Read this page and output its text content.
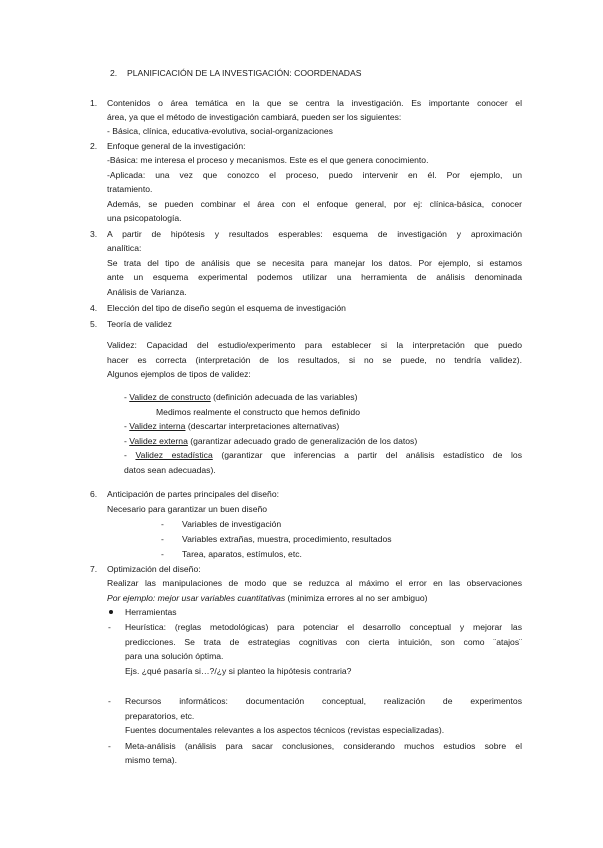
2. PLANIFICACIÓN DE LA INVESTIGACIÓN: COORDENADAS
1. Contenidos o área temática en la que se centra la investigación. Es importante conocer el
área, ya que el método de investigación cambiará, pueden ser los siguientes:
- Básica, clínica, educativa-evolutiva, social-organizaciones
2. Enfoque general de la investigación:
-Básica: me interesa el proceso y mecanismos. Este es el que genera conocimiento.
-Aplicada: una vez que conozco el proceso, puedo intervenir en él. Por ejemplo, un
tratamiento.
Además, se pueden combinar el área con el enfoque general, por ej: clínica-básica, conocer
una psicopatología.
3. A partir de hipótesis y resultados esperables: esquema de investigación y aproximación
analítica:
Se trata del tipo de análisis que se necesita para manejar los datos. Por ejemplo, si estamos
ante un esquema experimental podemos utilizar una herramienta de análisis denominada
Análisis de Varianza.
4. Elección del tipo de diseño según el esquema de investigación
5. Teoría de validez
Validez: Capacidad del estudio/experimento para establecer si la interpretación que puedo
hacer es correcta (interpretación de los resultados, si no se puede, no tendría validez).
Algunos ejemplos de tipos de validez:
- Validez de constructo (definición adecuada de las variables)
Medimos realmente el constructo que hemos definido
- Validez interna (descartar interpretaciones alternativas)
- Validez externa (garantizar adecuado grado de generalización de los datos)
- Validez estadística (garantizar que inferencias a partir del análisis estadístico de los
datos sean adecuadas).
6. Anticipación de partes principales del diseño:
Necesario para garantizar un buen diseño
- Variables de investigación
- Variables extrañas, muestra, procedimiento, resultados
- Tarea, aparatos, estímulos, etc.
7. Optimización del diseño:
Realizar las manipulaciones de modo que se reduzca al máximo el error en las observaciones
Por ejemplo: mejor usar variables cuantitativas (minimiza errores al no ser ambiguo)
Herramientas
- Heurística: (reglas metodológicas) para potenciar el desarrollo conceptual y mejorar las
predicciones. Se trata de estrategias cognitivas con cierta intuición, son como ¨atajos¨
para una solución óptima.
Ejs. ¿qué pasaría si…?/¿y si planteo la hipótesis contraria?
- Recursos informáticos: documentación conceptual, realización de experimentos
preparatorios, etc.
Fuentes documentales relevantes a los aspectos técnicos (revistas especializadas).
- Meta-análisis (análisis para sacar conclusiones, considerando muchos estudios sobre el
mismo tema).
